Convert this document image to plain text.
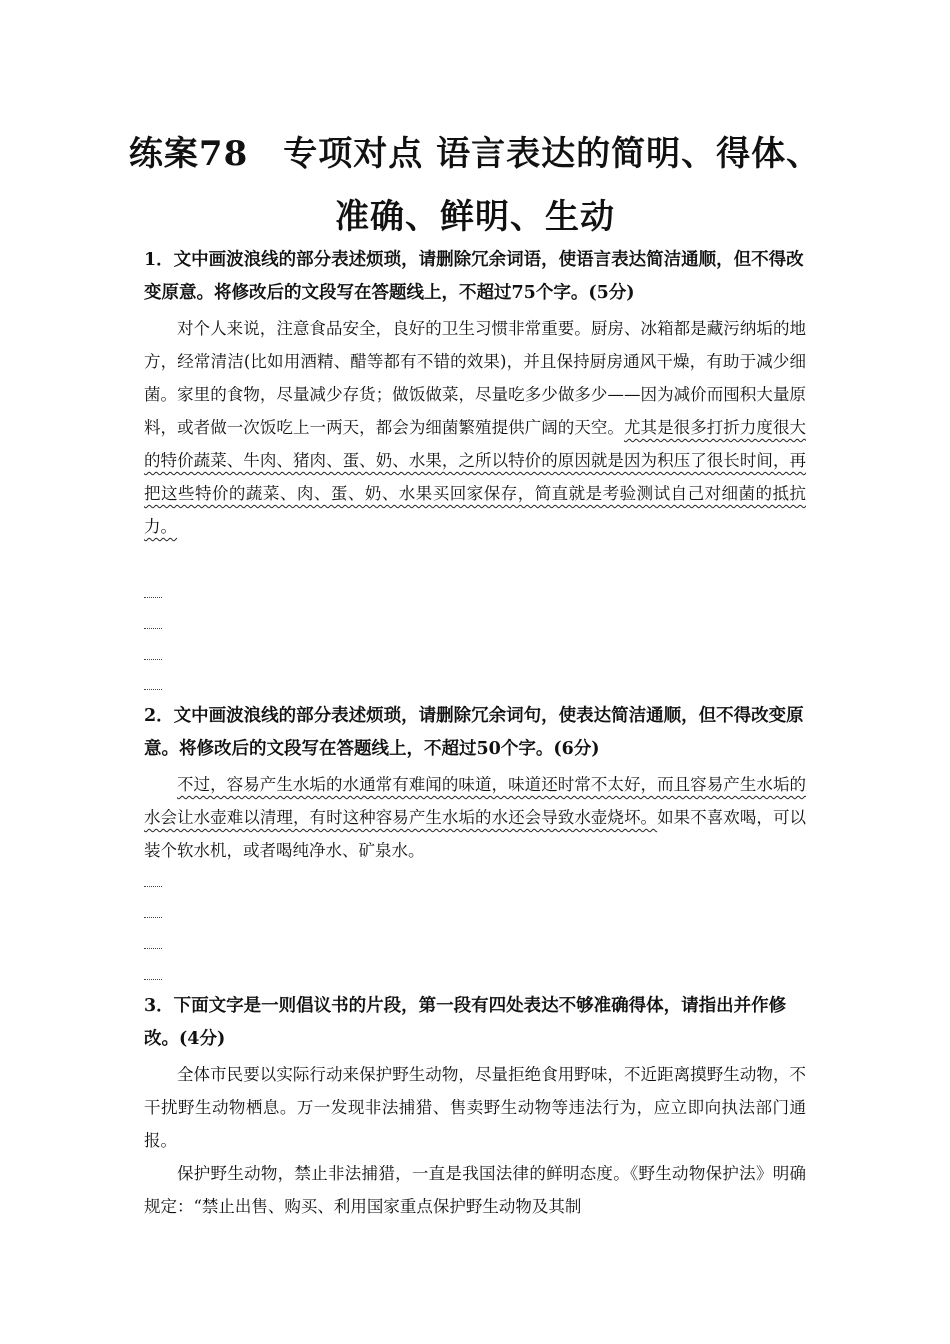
练案78　专项对点 语言表达的简明、得体、
准确、鲜明、生动

1．文中画波浪线的部分表述烦琐，请删除冗余词语，使语言表达简洁通顺，但不得改变原意。将修改后的文段写在答题线上，不超过75个字。(5分)

对个人来说，注意食品安全，良好的卫生习惯非常重要。厨房、冰箱都是藏污纳垢的地方，经常清洁(比如用酒精、醋等都有不错的效果)，并且保持厨房通风干燥，有助于减少细菌。家里的食物，尽量减少存货；做饭做菜，尽量吃多少做多少——因为减价而囤积大量原料，或者做一次饭吃上一两天，都会为细菌繁殖提供广阔的天空。尤其是很多打折力度很大的特价蔬菜、牛肉、猪肉、蛋、奶、水果，之所以特价的原因就是因为积压了很长时间，再把这些特价的蔬菜、肉、蛋、奶、水果买回家保存，简直就是考验测试自己对细菌的抵抗力。

2．文中画波浪线的部分表述烦琐，请删除冗余词句，使表达简洁通顺，但不得改变原意。将修改后的文段写在答题线上，不超过50个字。(6分)

不过，容易产生水垢的水通常有难闻的味道，味道还时常不太好，而且容易产生水垢的水会让水壶难以清理，有时这种容易产生水垢的水还会导致水壶烧坏。如果不喜欢喝，可以装个软水机，或者喝纯净水、矿泉水。

3．下面文字是一则倡议书的片段，第一段有四处表达不够准确得体，请指出并作修改。(4分)

全体市民要以实际行动来保护野生动物，尽量拒绝食用野味，不近距离摸野生动物，不干扰野生动物栖息。万一发现非法捕猎、售卖野生动物等违法行为，应立即向执法部门通报。

保护野生动物，禁止非法捕猎，一直是我国法律的鲜明态度。《野生动物保护法》明确规定：“禁止出售、购买、利用国家重点保护野生动物及其制
